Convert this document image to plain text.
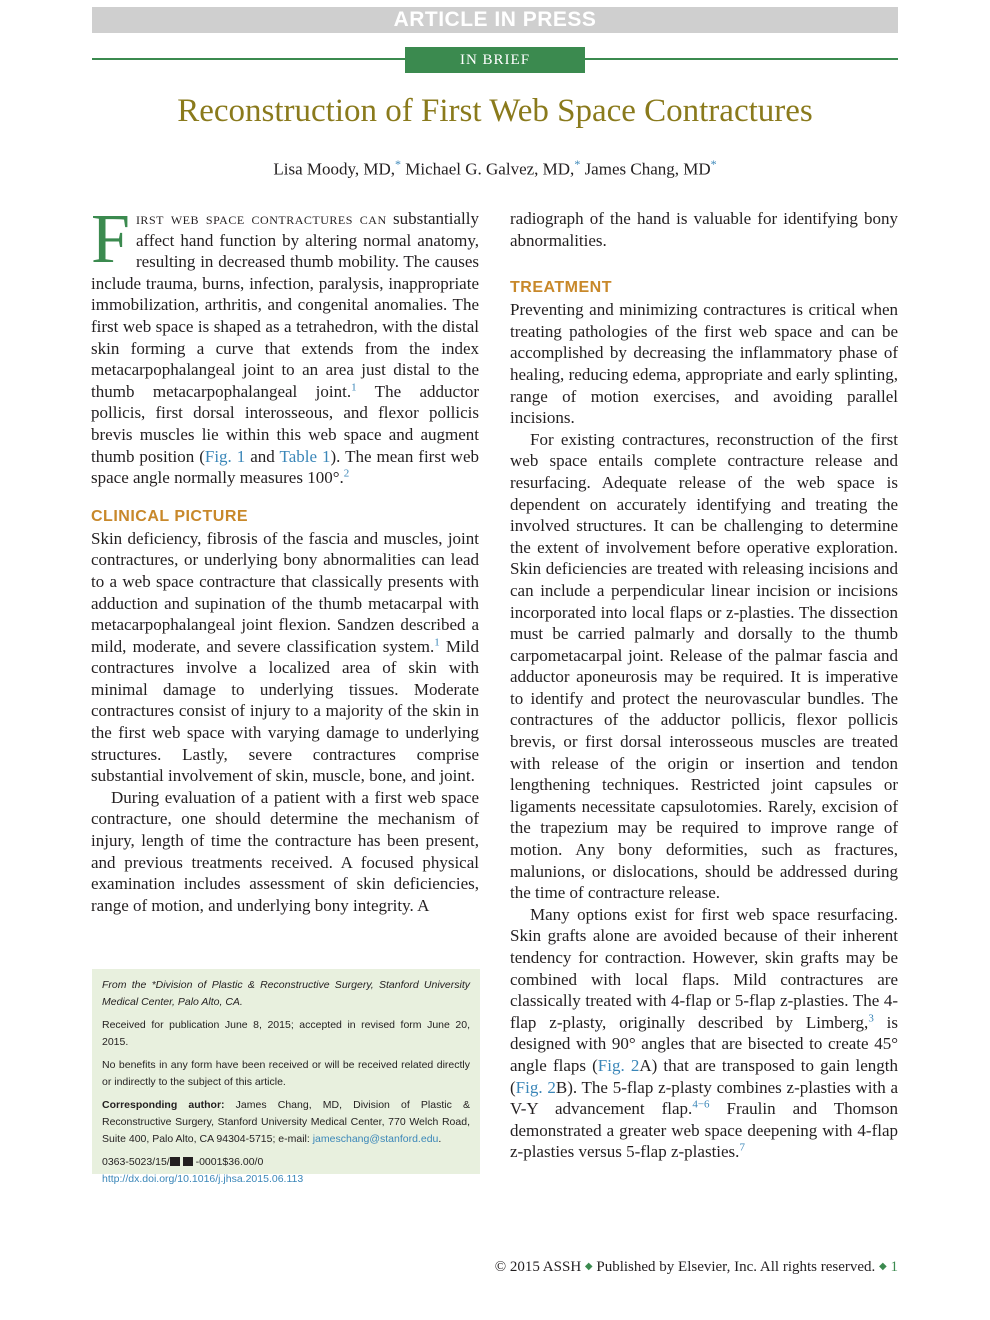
ARTICLE IN PRESS
IN BRIEF
Reconstruction of First Web Space Contractures
Lisa Moody, MD,* Michael G. Galvez, MD,* James Chang, MD*

First web space contractures can substantially affect hand function by altering normal anatomy, resulting in decreased thumb mobility. The causes include trauma, burns, infection, paralysis, inappropriate immobilization, arthritis, and congenital anomalies. The first web space is shaped as a tetrahedron, with the distal skin forming a curve that extends from the index metacarpophalangeal joint to an area just distal to the thumb metacarpophalangeal joint.$^1$ The adductor pollicis, first dorsal interosseous, and flexor pollicis brevis muscles lie within this web space and augment thumb position (Fig. 1 and Table 1). The mean first web space angle normally measures 100°.$^2$

CLINICAL PICTURE

Skin deficiency, fibrosis of the fascia and muscles, joint contractures, or underlying bony abnormalities can lead to a web space contracture that classically presents with adduction and supination of the thumb metacarpal with metacarpophalangeal joint flexion. Sandzen described a mild, moderate, and severe classification system.$^1$ Mild contractures involve a localized area of skin with minimal damage to underlying tissues. Moderate contractures consist of injury to a majority of the skin in the first web space with varying damage to underlying structures. Lastly, severe contractures comprise substantial involvement of skin, muscle, bone, and joint.

During evaluation of a patient with a first web space contracture, one should determine the mechanism of injury, length of time the contracture has been present, and previous treatments received. A focused physical examination includes assessment of skin deficiencies, range of motion, and underlying bony integrity. A

From the *Division of Plastic & Reconstructive Surgery, Stanford University Medical Center, Palo Alto, CA.

Received for publication June 8, 2015; accepted in revised form June 20, 2015.

No benefits in any form have been received or will be received related directly or indirectly to the subject of this article.

Corresponding author: James Chang, MD, Division of Plastic & Reconstructive Surgery, Stanford University Medical Center, 770 Welch Road, Suite 400, Palo Alto, CA 94304-5715; e-mail: jameschang@stanford.edu.

0363-5023/15/ -0001$36.00/0

http://dx.doi.org/10.1016/j.jhsa.2015.06.113

radiograph of the hand is valuable for identifying bony abnormalities.

TREATMENT

Preventing and minimizing contractures is critical when treating pathologies of the first web space and can be accomplished by decreasing the inflammatory phase of healing, reducing edema, appropriate and early splinting, range of motion exercises, and avoiding parallel incisions.

For existing contractures, reconstruction of the first web space entails complete contracture release and resurfacing. Adequate release of the web space is dependent on accurately identifying and treating the involved structures. It can be challenging to determine the extent of involvement before operative exploration. Skin deficiencies are treated with releasing incisions and can include a perpendicular linear incision or incisions incorporated into local flaps or z-plasties. The dissection must be carried palmarly and dorsally to the thumb carpometacarpal joint. Release of the palmar fascia and adductor aponeurosis may be required. It is imperative to identify and protect the neurovascular bundles. The contractures of the adductor pollicis, flexor pollicis brevis, or first dorsal interosseous muscles are treated with release of the origin or insertion and tendon lengthening techniques. Restricted joint capsules or ligaments necessitate capsulotomies. Rarely, excision of the trapezium may be required to improve range of motion. Any bony deformities, such as fractures, malunions, or dislocations, should be addressed during the time of contracture release.

Many options exist for first web space resurfacing. Skin grafts alone are avoided because of their inherent tendency for contraction. However, skin grafts may be combined with local flaps. Mild contractures are classically treated with 4-flap or 5-flap z-plasties. The 4-flap z-plasty, originally described by Limberg,$^3$ is designed with 90° angles that are bisected to create 45° angle flaps (Fig. 2A) that are transposed to gain length (Fig. 2B). The 5-flap z-plasty combines z-plasties with a V-Y advancement flap.$^{4-6}$ Fraulin and Thomson demonstrated a greater web space deepening with 4-flap z-plasties versus 5-flap z-plasties.$^7$

© 2015 ASSH ◆ Published by Elsevier, Inc. All rights reserved. ◆ 1
